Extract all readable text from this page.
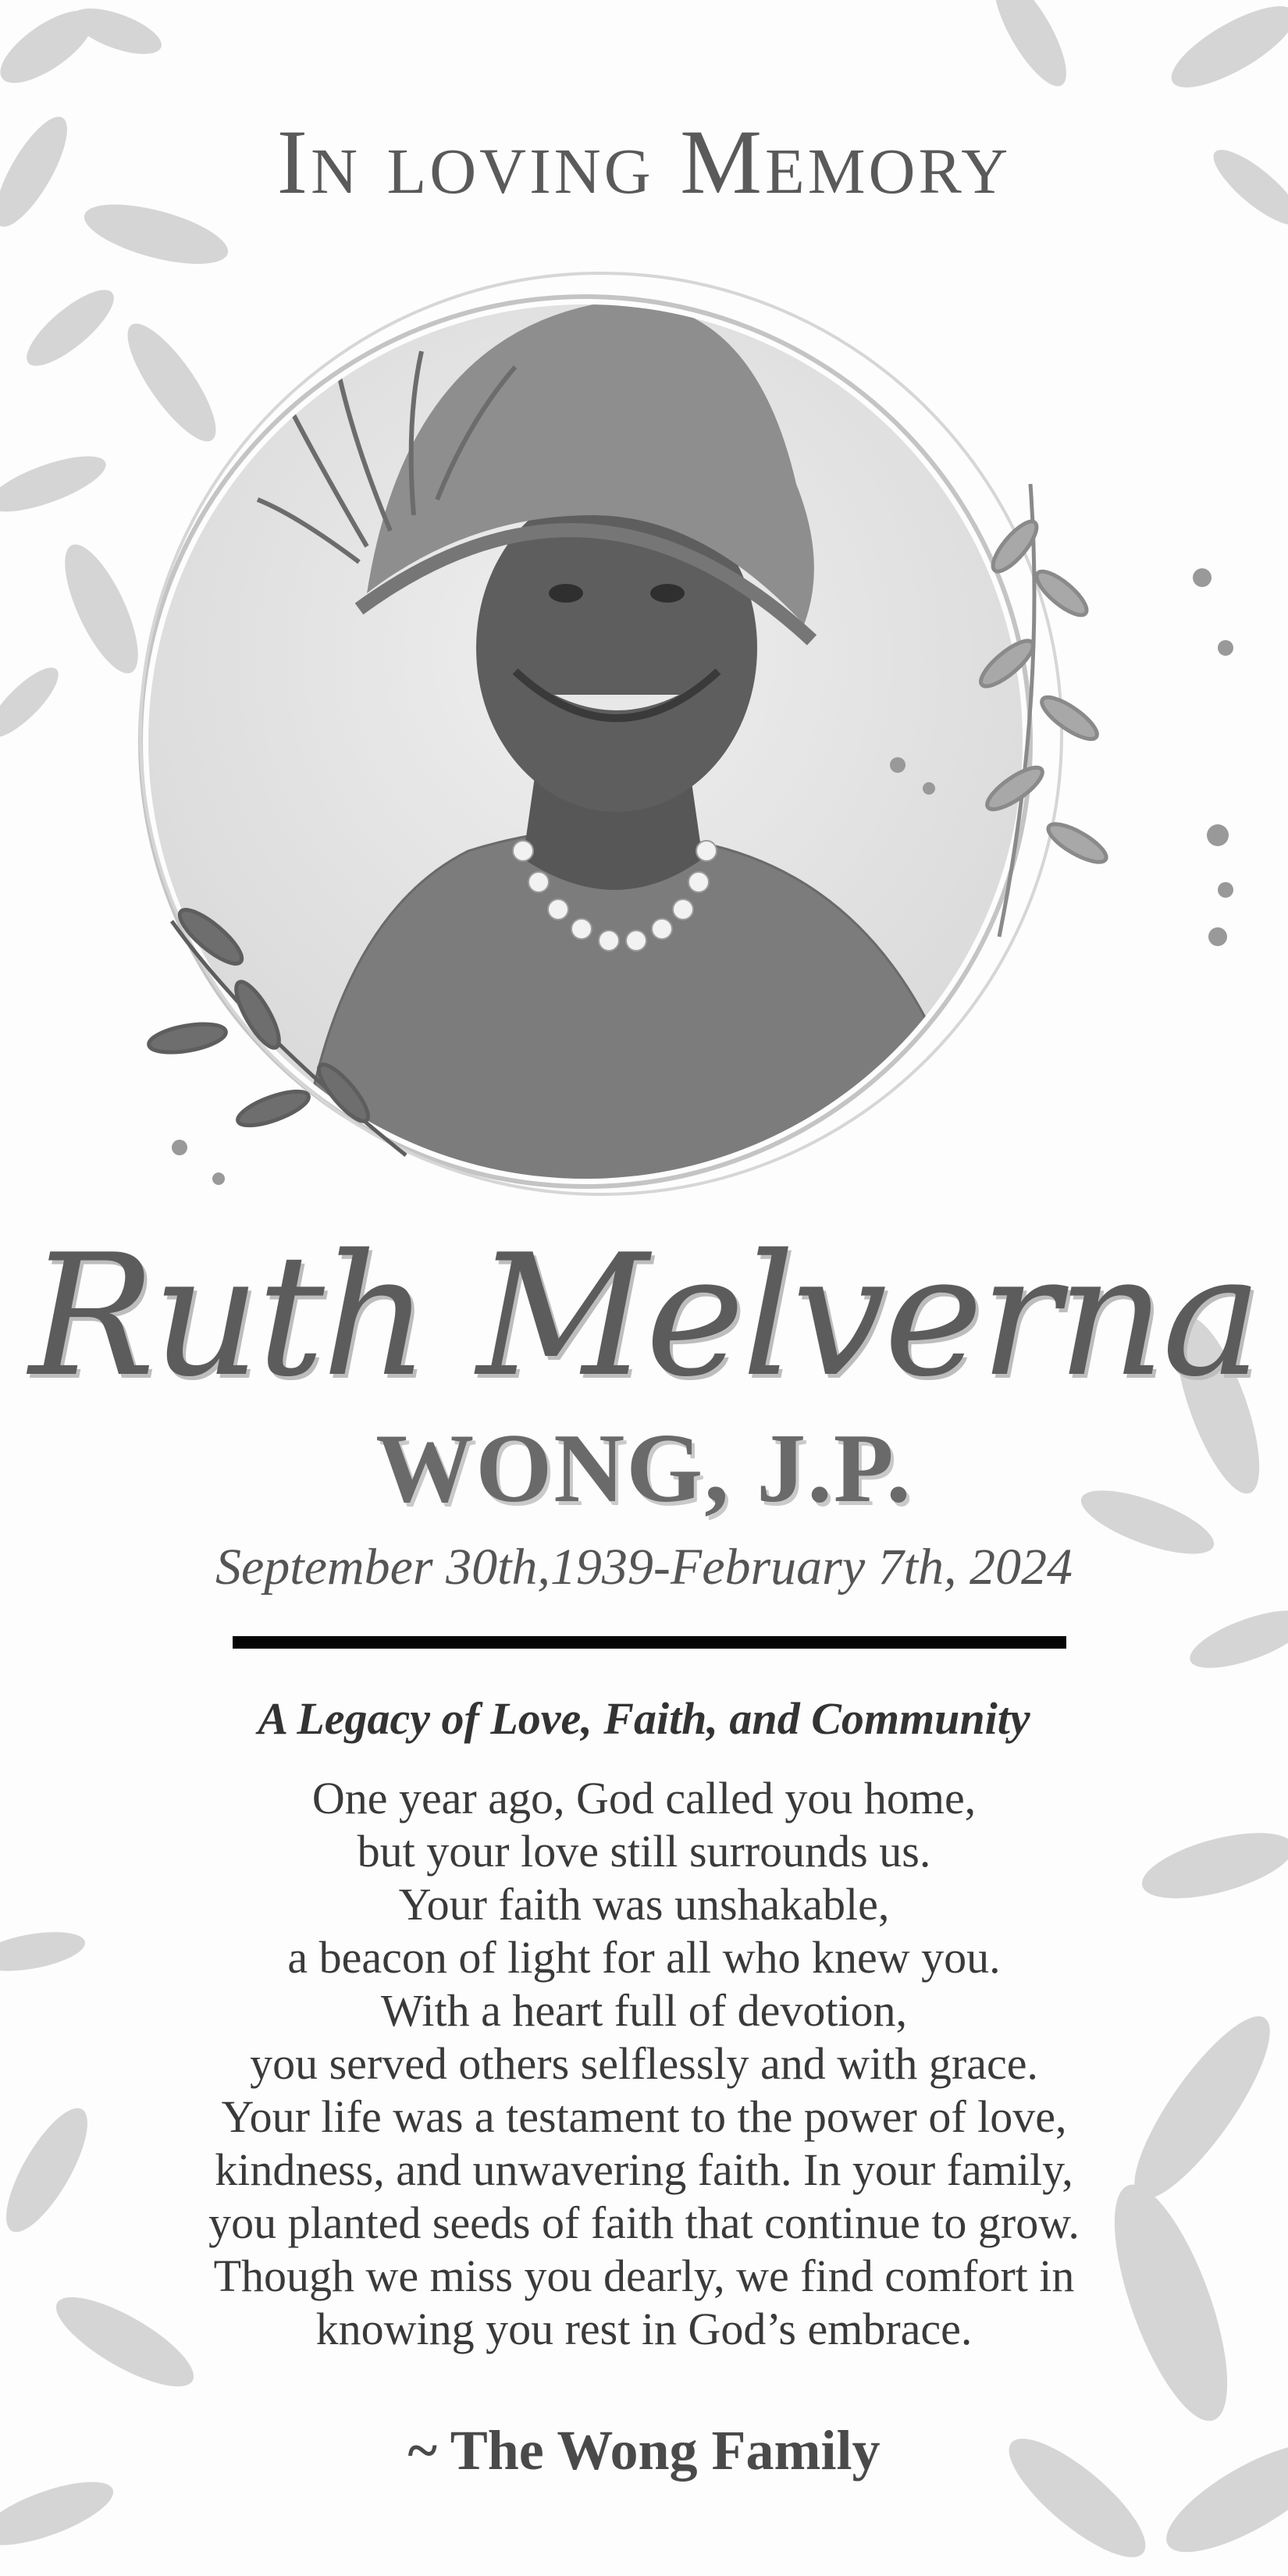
In loving Memory
Ruth Melverna
WONG, J.P.
September 30th,1939-February 7th, 2024
A Legacy of Love, Faith, and Community
One year ago, God called you home,
but your love still surrounds us.
Your faith was unshakable,
a beacon of light for all who knew you.
With a heart full of devotion,
you served others selflessly and with grace.
Your life was a testament to the power of love,
kindness, and unwavering faith. In your family,
you planted seeds of faith that continue to grow.
Though we miss you dearly, we find comfort in
knowing you rest in God’s embrace.
~ The Wong Family
